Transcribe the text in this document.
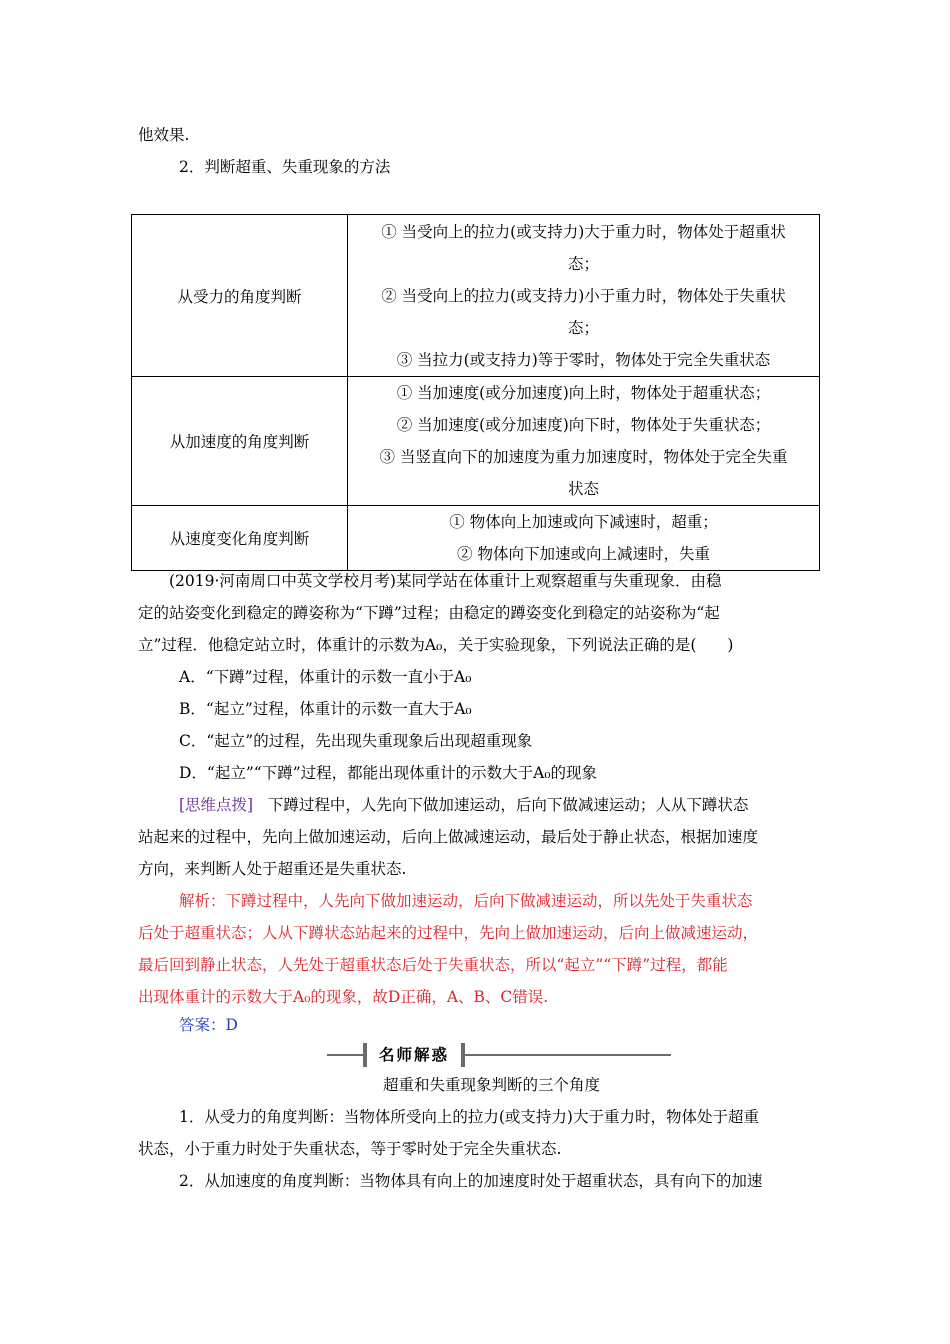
他效果.
2．判断超重、失重现象的方法
从受力的角度判断	① 当受向上的拉力(或支持力)大于重力时，物体处于超重状
态；
② 当受向上的拉力(或支持力)小于重力时，物体处于失重状
态；
③ 当拉力(或支持力)等于零时，物体处于完全失重状态

从加速度的角度判断	① 当加速度(或分加速度)向上时，物体处于超重状态；
② 当加速度(或分加速度)向下时，物体处于失重状态；
③ 当竖直向下的加速度为重力加速度时，物体处于完全失重
状态

从速度变化角度判断	① 物体向上加速或向下减速时，超重；
② 物体向下加速或向上减速时，失重
(2019·河南周口中英文学校月考)某同学站在体重计上观察超重与失重现象．由稳
定的站姿变化到稳定的蹲姿称为“下蹲”过程；由稳定的蹲姿变化到稳定的站姿称为“起
立”过程．他稳定站立时，体重计的示数为A₀，关于实验现象，下列说法正确的是(　　)
A．“下蹲”过程，体重计的示数一直小于A₀
B．“起立”过程，体重计的示数一直大于A₀
C．“起立”的过程，先出现失重现象后出现超重现象
D．“起立”“下蹲”过程，都能出现体重计的示数大于A₀的现象
[思维点拨] 下蹲过程中，人先向下做加速运动，后向下做减速运动；人从下蹲状态
站起来的过程中，先向上做加速运动，后向上做减速运动，最后处于静止状态，根据加速度
方向，来判断人处于超重还是失重状态.
解析：下蹲过程中，人先向下做加速运动，后向下做减速运动，所以先处于失重状态
后处于超重状态；人从下蹲状态站起来的过程中，先向上做加速运动，后向上做减速运动，
最后回到静止状态，人先处于超重状态后处于失重状态，所以“起立”“下蹲”过程，都能
出现体重计的示数大于A₀的现象，故D正确，A、B、C错误.
答案：D
名师解惑
超重和失重现象判断的三个角度
1．从受力的角度判断：当物体所受向上的拉力(或支持力)大于重力时，物体处于超重
状态，小于重力时处于失重状态，等于零时处于完全失重状态.
2．从加速度的角度判断：当物体具有向上的加速度时处于超重状态，具有向下的加速
